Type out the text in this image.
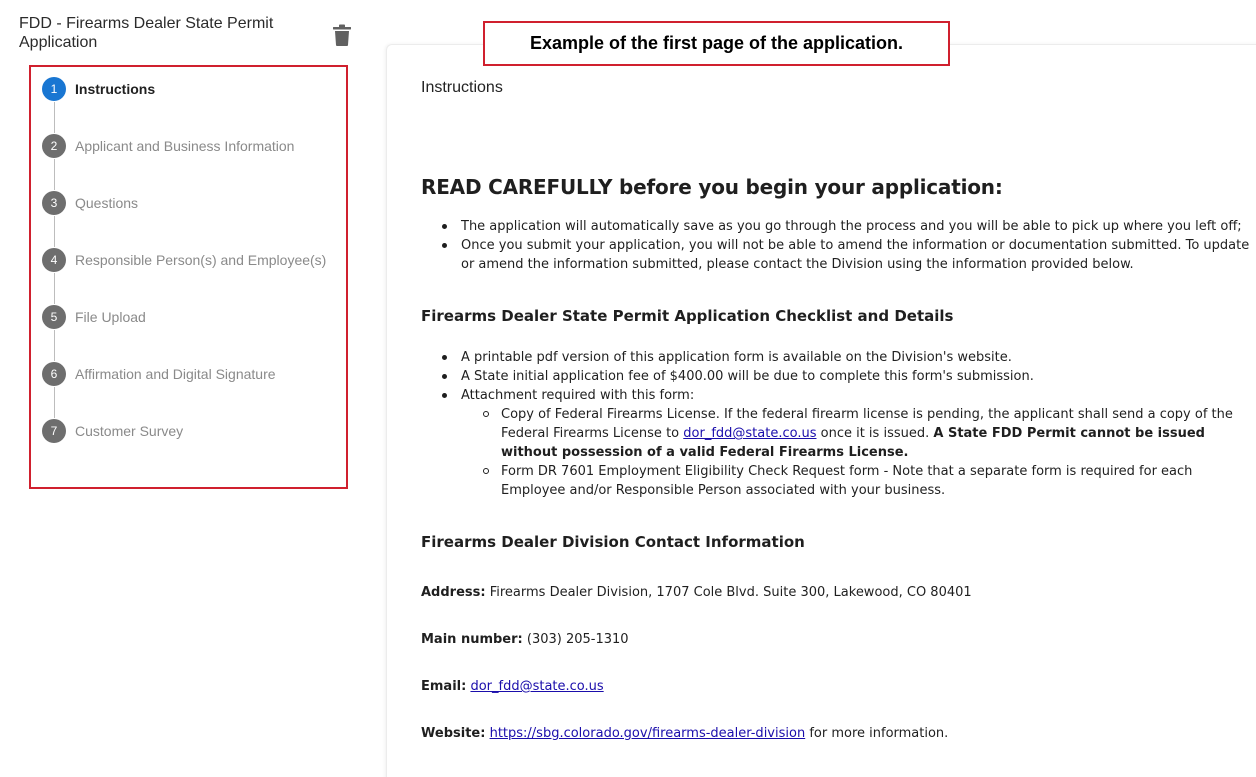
FDD - Firearms Dealer State Permit Application
1	Instructions
2	Applicant and Business Information
3	Questions
4	Responsible Person(s) and Employee(s)
5	File Upload
6	Affirmation and Digital Signature
7	Customer Survey
Example of the first page of the application.
Instructions
READ CAREFULLY before you begin your application:
The application will automatically save as you go through the process and you will be able to pick up where you left off;
Once you submit your application, you will not be able to amend the information or documentation submitted. To update or amend the information submitted, please contact the Division using the information provided below.
Firearms Dealer State Permit Application Checklist and Details
A printable pdf version of this application form is available on the Division's website.
A State initial application fee of $400.00 will be due to complete this form's submission.
Attachment required with this form:
Copy of Federal Firearms License. If the federal firearm license is pending, the applicant shall send a copy of the Federal Firearms License to dor_fdd@state.co.us once it is issued. A State FDD Permit cannot be issued without possession of a valid Federal Firearms License.
Form DR 7601 Employment Eligibility Check Request form - Note that a separate form is required for each Employee and/or Responsible Person associated with your business.
Firearms Dealer Division Contact Information

Address: Firearms Dealer Division, 1707 Cole Blvd. Suite 300, Lakewood, CO 80401

Main number: (303) 205-1310

Email: dor_fdd@state.co.us

Website: https://sbg.colorado.gov/firearms-dealer-division for more information.
